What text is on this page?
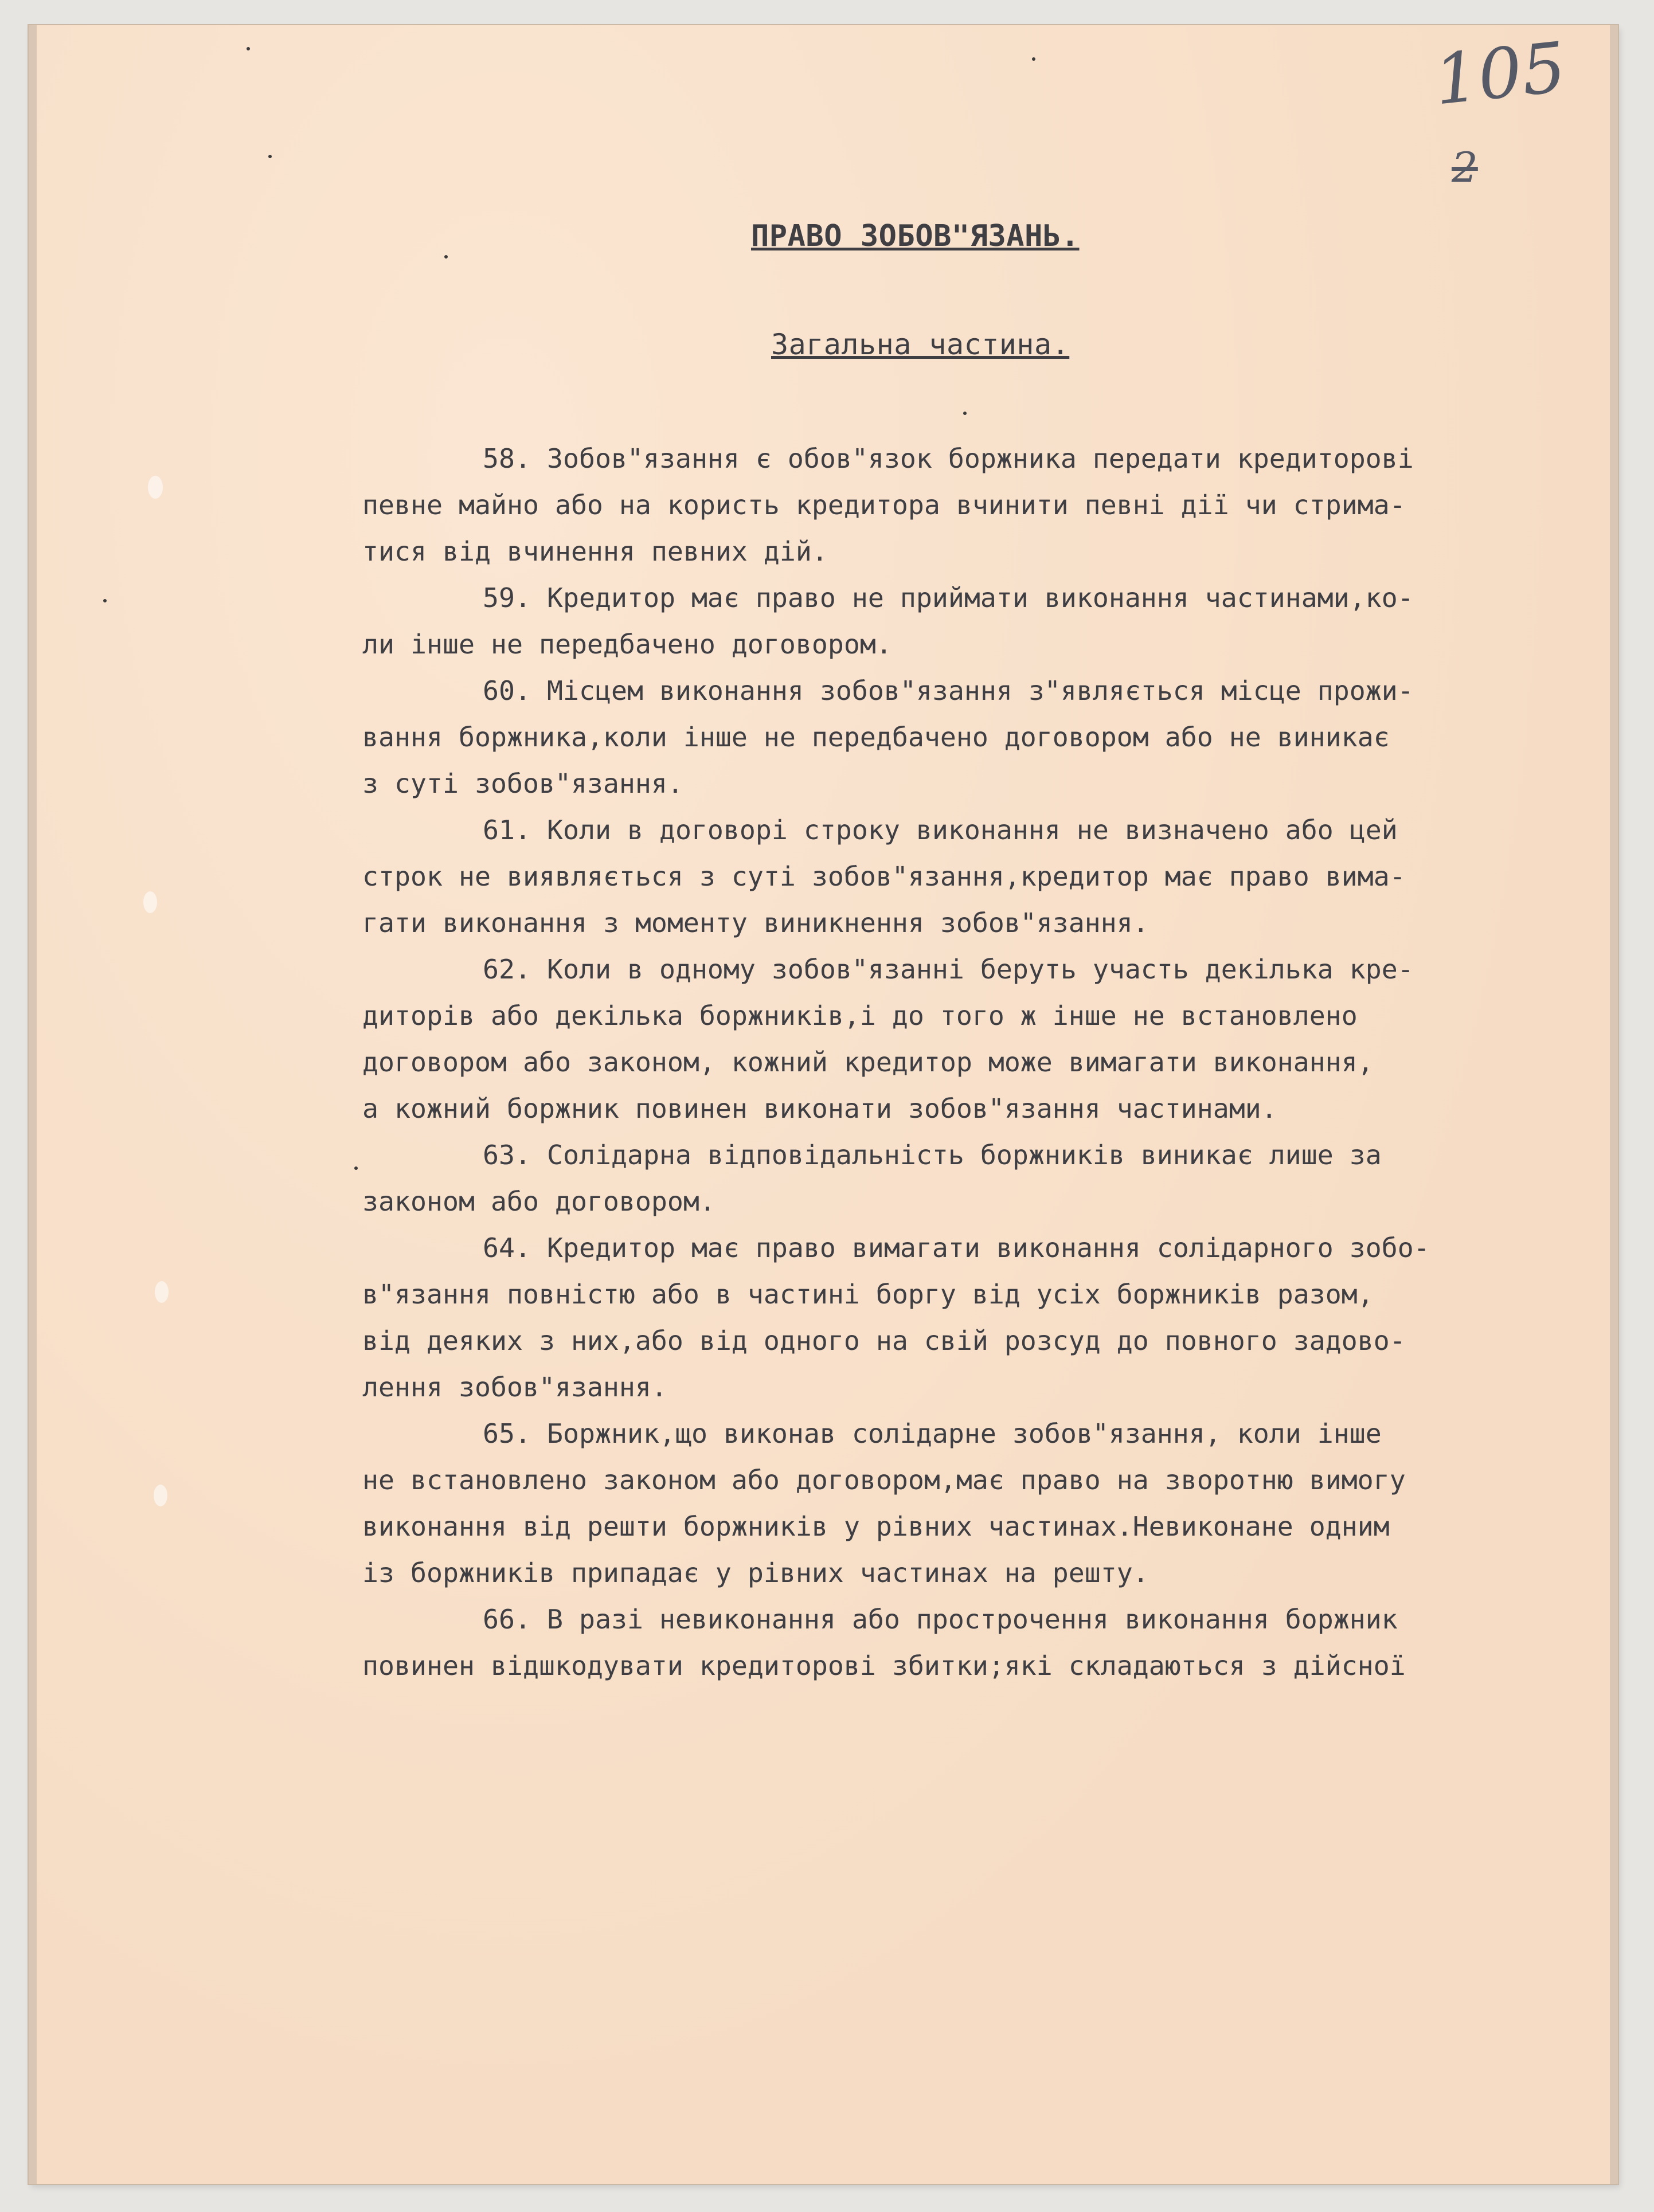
105
2
ПРАВО ЗОБОВ"ЯЗАНЬ.
Загальна частина.
58. Зобов"язання є обов"язок боржника передати кредиторові
певне майно або на користь кредитора вчинити певні дії чи стрима-
тися від вчинення певних дій.
59. Кредитор має право не приймати виконання частинами,ко-
ли інше не передбачено договором.
60. Місцем виконання зобов"язання з"являється місце прожи-
вання боржника,коли інше не передбачено договором або не виникає
з суті зобов"язання.
61. Коли в договорі строку виконання не визначено або цей
строк не виявляється з суті зобов"язання,кредитор має право вима-
гати виконання з моменту виникнення зобов"язання.
62. Коли в одному зобов"язанні беруть участь декілька кре-
диторів або декілька боржників,і до того ж інше не встановлено
договором або законом, кожний кредитор може вимагати виконання,
а кожний боржник повинен виконати зобов"язання частинами.
63. Солідарна відповідальність боржників виникає лише за
законом або договором.
64. Кредитор має право вимагати виконання солідарного зобо-
в"язання повністю або в частині боргу від усіх боржників разом,
від деяких з них,або від одного на свій розсуд до повного задово-
лення зобов"язання.
65. Боржник,що виконав солідарне зобов"язання, коли інше
не встановлено законом або договором,має право на зворотню вимогу
виконання від решти боржників у рівних частинах.Невиконане одним
із боржників припадає у рівних частинах на решту.
66. В разі невиконання або прострочення виконання боржник
повинен відшкодувати кредиторові збитки;які складаються з дійсної
